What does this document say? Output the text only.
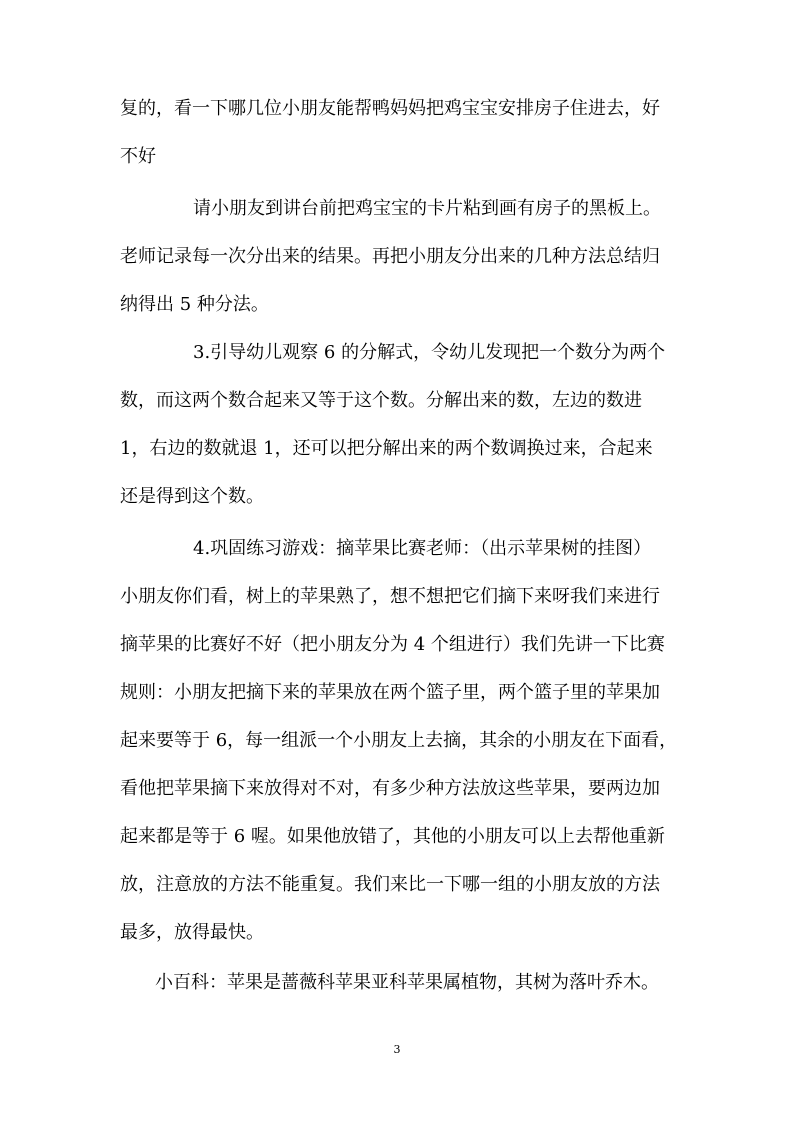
复的，看一下哪几位小朋友能帮鸭妈妈把鸡宝宝安排房子住进去，好
不好
请小朋友到讲台前把鸡宝宝的卡片粘到画有房子的黑板上。
老师记录每一次分出来的结果。再把小朋友分出来的几种方法总结归
纳得出 5 种分法。
3.引导幼儿观察 6 的分解式，令幼儿发现把一个数分为两个
数，而这两个数合起来又等于这个数。分解出来的数，左边的数进
1，右边的数就退 1，还可以把分解出来的两个数调换过来，合起来
还是得到这个数。
4.巩固练习游戏：摘苹果比赛老师：（出示苹果树的挂图）
小朋友你们看，树上的苹果熟了，想不想把它们摘下来呀我们来进行
摘苹果的比赛好不好（把小朋友分为 4 个组进行）我们先讲一下比赛
规则：小朋友把摘下来的苹果放在两个篮子里，两个篮子里的苹果加
起来要等于 6，每一组派一个小朋友上去摘，其余的小朋友在下面看，
看他把苹果摘下来放得对不对，有多少种方法放这些苹果，要两边加
起来都是等于 6 喔。如果他放错了，其他的小朋友可以上去帮他重新
放，注意放的方法不能重复。我们来比一下哪一组的小朋友放的方法
最多，放得最快。
小百科：苹果是蔷薇科苹果亚科苹果属植物，其树为落叶乔木。
3
